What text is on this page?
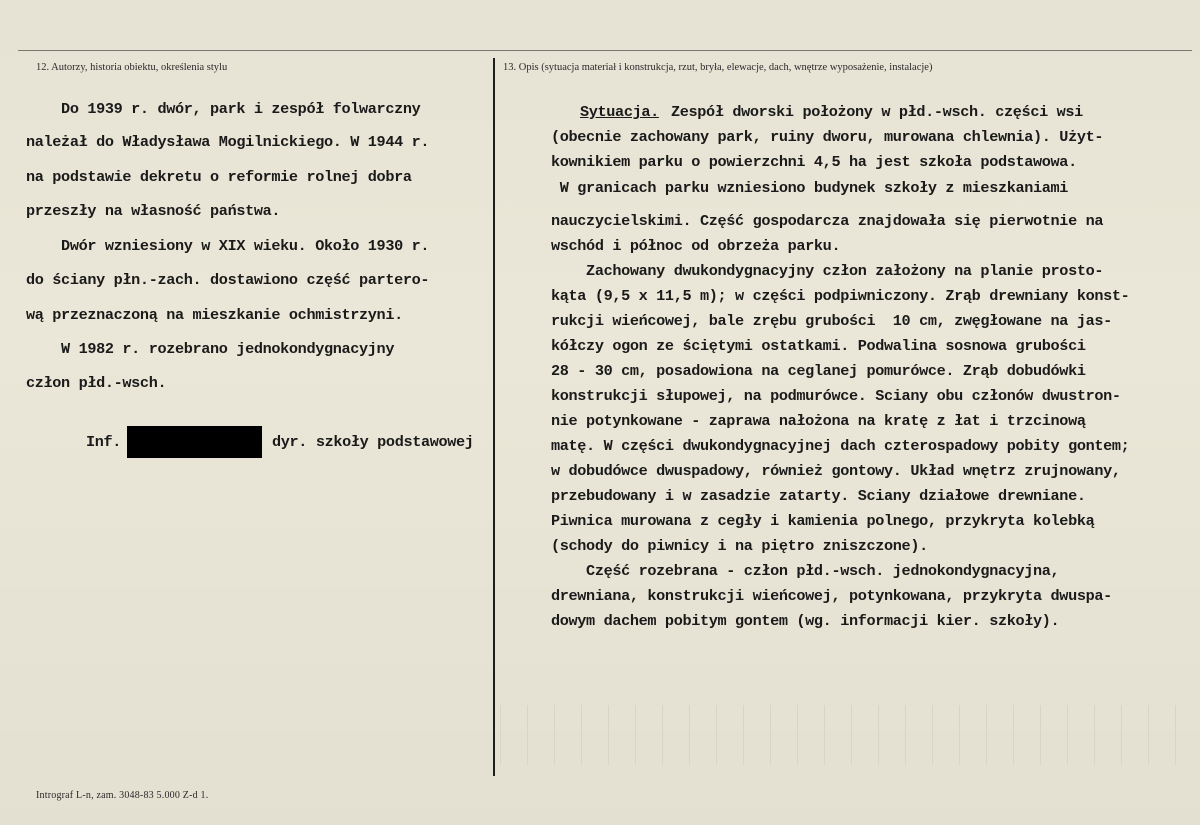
12. Autorzy, historia obiektu, określenia stylu	13. Opis (sytuacja materiał i konstrukcja, rzut, bryła, elewacje, dach, wnętrze wyposażenie, instalacje)
Do 1939 r. dwór, park i zespół folwarczny
należał do Władysława Mogilnickiego. W 1944 r.
na podstawie dekretu o reformie rolnej dobra
przeszły na własność państwa.
Dwór wzniesiony w XIX wieku. Około 1930 r.
do ściany płn.-zach. dostawiono część partero-
wą przeznaczoną na mieszkanie ochmistrzyni.
W 1982 r. rozebrano jednokondygnacyjny
człon płd.-wsch.
Inf.	dyr. szkoły podstawowej
Sytuacja. Zespół dworski położony w płd.-wsch. części wsi
(obecnie zachowany park, ruiny dworu, murowana chlewnia). Użyt-
kownikiem parku o powierzchni 4,5 ha jest szkoła podstawowa.
W granicach parku wzniesiono budynek szkoły z mieszkaniami
nauczycielskimi. Część gospodarcza znajdowała się pierwotnie na
wschód i północ od obrzeża parku.
Zachowany dwukondygnacyjny człon założony na planie prosto-
kąta (9,5 x 11,5 m); w części podpiwniczony. Zrąb drewniany konst-
rukcji wieńcowej, bale zrębu grubości  10 cm, zwęgłowane na jas-
kółczy ogon ze ściętymi ostatkami. Podwalina sosnowa grubości
28 - 30 cm, posadowiona na ceglanej pomurówce. Zrąb dobudówki
konstrukcji słupowej, na podmurówce. Sciany obu członów dwustron-
nie potynkowane - zaprawa nałożona na kratę z łat i trzcinową
matę. W części dwukondygnacyjnej dach czterospadowy pobity gontem;
w dobudówce dwuspadowy, również gontowy. Układ wnętrz zrujnowany,
przebudowany i w zasadzie zatarty. Sciany działowe drewniane.
Piwnica murowana z cegły i kamienia polnego, przykryta kolebką
(schody do piwnicy i na piętro zniszczone).
Część rozebrana - człon płd.-wsch. jednokondygnacyjna,
drewniana, konstrukcji wieńcowej, potynkowana, przykryta dwuspa-
dowym dachem pobitym gontem (wg. informacji kier. szkoły).
Intrograf L-n, zam. 3048-83 5.000 Z-d 1.
